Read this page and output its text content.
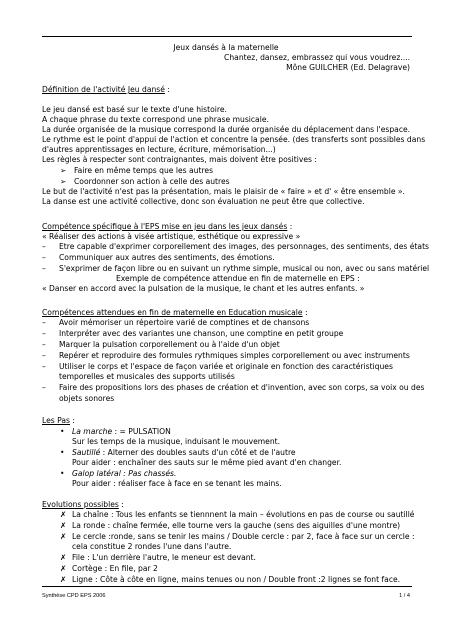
Jeux dansés à la maternelle
Chantez, dansez, embrassez qui vous voudrez....
Mône GUILCHER (Ed. Delagrave)
Définition de l'activité Jeu dansé :
Le jeu dansé est basé sur le texte d'une histoire.
A chaque phrase du texte correspond une phrase musicale.
La durée organisée de la musique correspond la durée organisée du déplacement dans l'espace.
Le rythme est le point d'appui de l'action et concentre la pensée. (des transferts sont possibles dans
d'autres apprentissages en lecture, écriture, mémorisation...)
Les règles à respecter sont contraignantes, mais doivent être positives :
➢ Faire en même temps que les autres
➢ Coordonner son action à celle des autres
Le but de l'activité n'est pas la présentation, mais le plaisir de « faire » et d' « être ensemble ».
La danse est une activité collective, donc son évaluation ne peut être que collective.
Compétence spécifique à l'EPS mise en jeu dans les jeux dansés :
« Réaliser des actions à visée artistique, esthétique ou expressive »
– Etre capable d'exprimer corporellement des images, des personnages, des sentiments, des états
– Communiquer aux autres des sentiments, des émotions.
– S'exprimer de façon libre ou en suivant un rythme simple, musical ou non, avec ou sans matériel
Exemple de compétence attendue en fin de maternelle en EPS :
« Danser en accord avec la pulsation de la musique, le chant et les autres enfants. »
Compétences attendues en fin de maternelle en Education musicale :
– Avoir mémoriser un répertoire varié de comptines et de chansons
– Interpréter avec des variantes une chanson, une comptine en petit groupe
– Marquer la pulsation corporellement ou à l'aide d'un objet
– Repérer et reproduire des formules rythmiques simples corporellement ou avec instruments
– Utiliser le corps et l'espace de façon variée et originale en fonction des caractéristiques
temporelles et musicales des supports utilisés
– Faire des propositions lors des phases de création et d'invention, avec son corps, sa voix ou des
objets sonores
Les Pas :
• La marche : = PULSATION
Sur les temps de la musique, induisant le mouvement.
• Sautillé : Alterner des doubles sauts d'un côté et de l'autre
Pour aider : enchaîner des sauts sur le même pied avant d'en changer.
• Galop latéral : Pas chassés.
Pour aider : réaliser face à face en se tenant les mains.
Evolutions possibles :
✗ La chaîne : Tous les enfants se tiennnent la main – évolutions en pas de course ou sautillé
✗ La ronde : chaîne fermée, elle tourne vers la gauche (sens des aiguilles d'une montre)
✗ Le cercle :ronde, sans se tenir les mains / Double cercle : par 2, face à face sur un cercle :
cela constitue 2 rondes l'une dans l'autre.
✗ File : L'un derrière l'autre, le meneur est devant.
✗ Cortège : En file, par 2
✗ Ligne : Côte à côte en ligne, mains tenues ou non / Double front :2 lignes se font face.
Synthèse CPD EPS 2006	1 / 4
